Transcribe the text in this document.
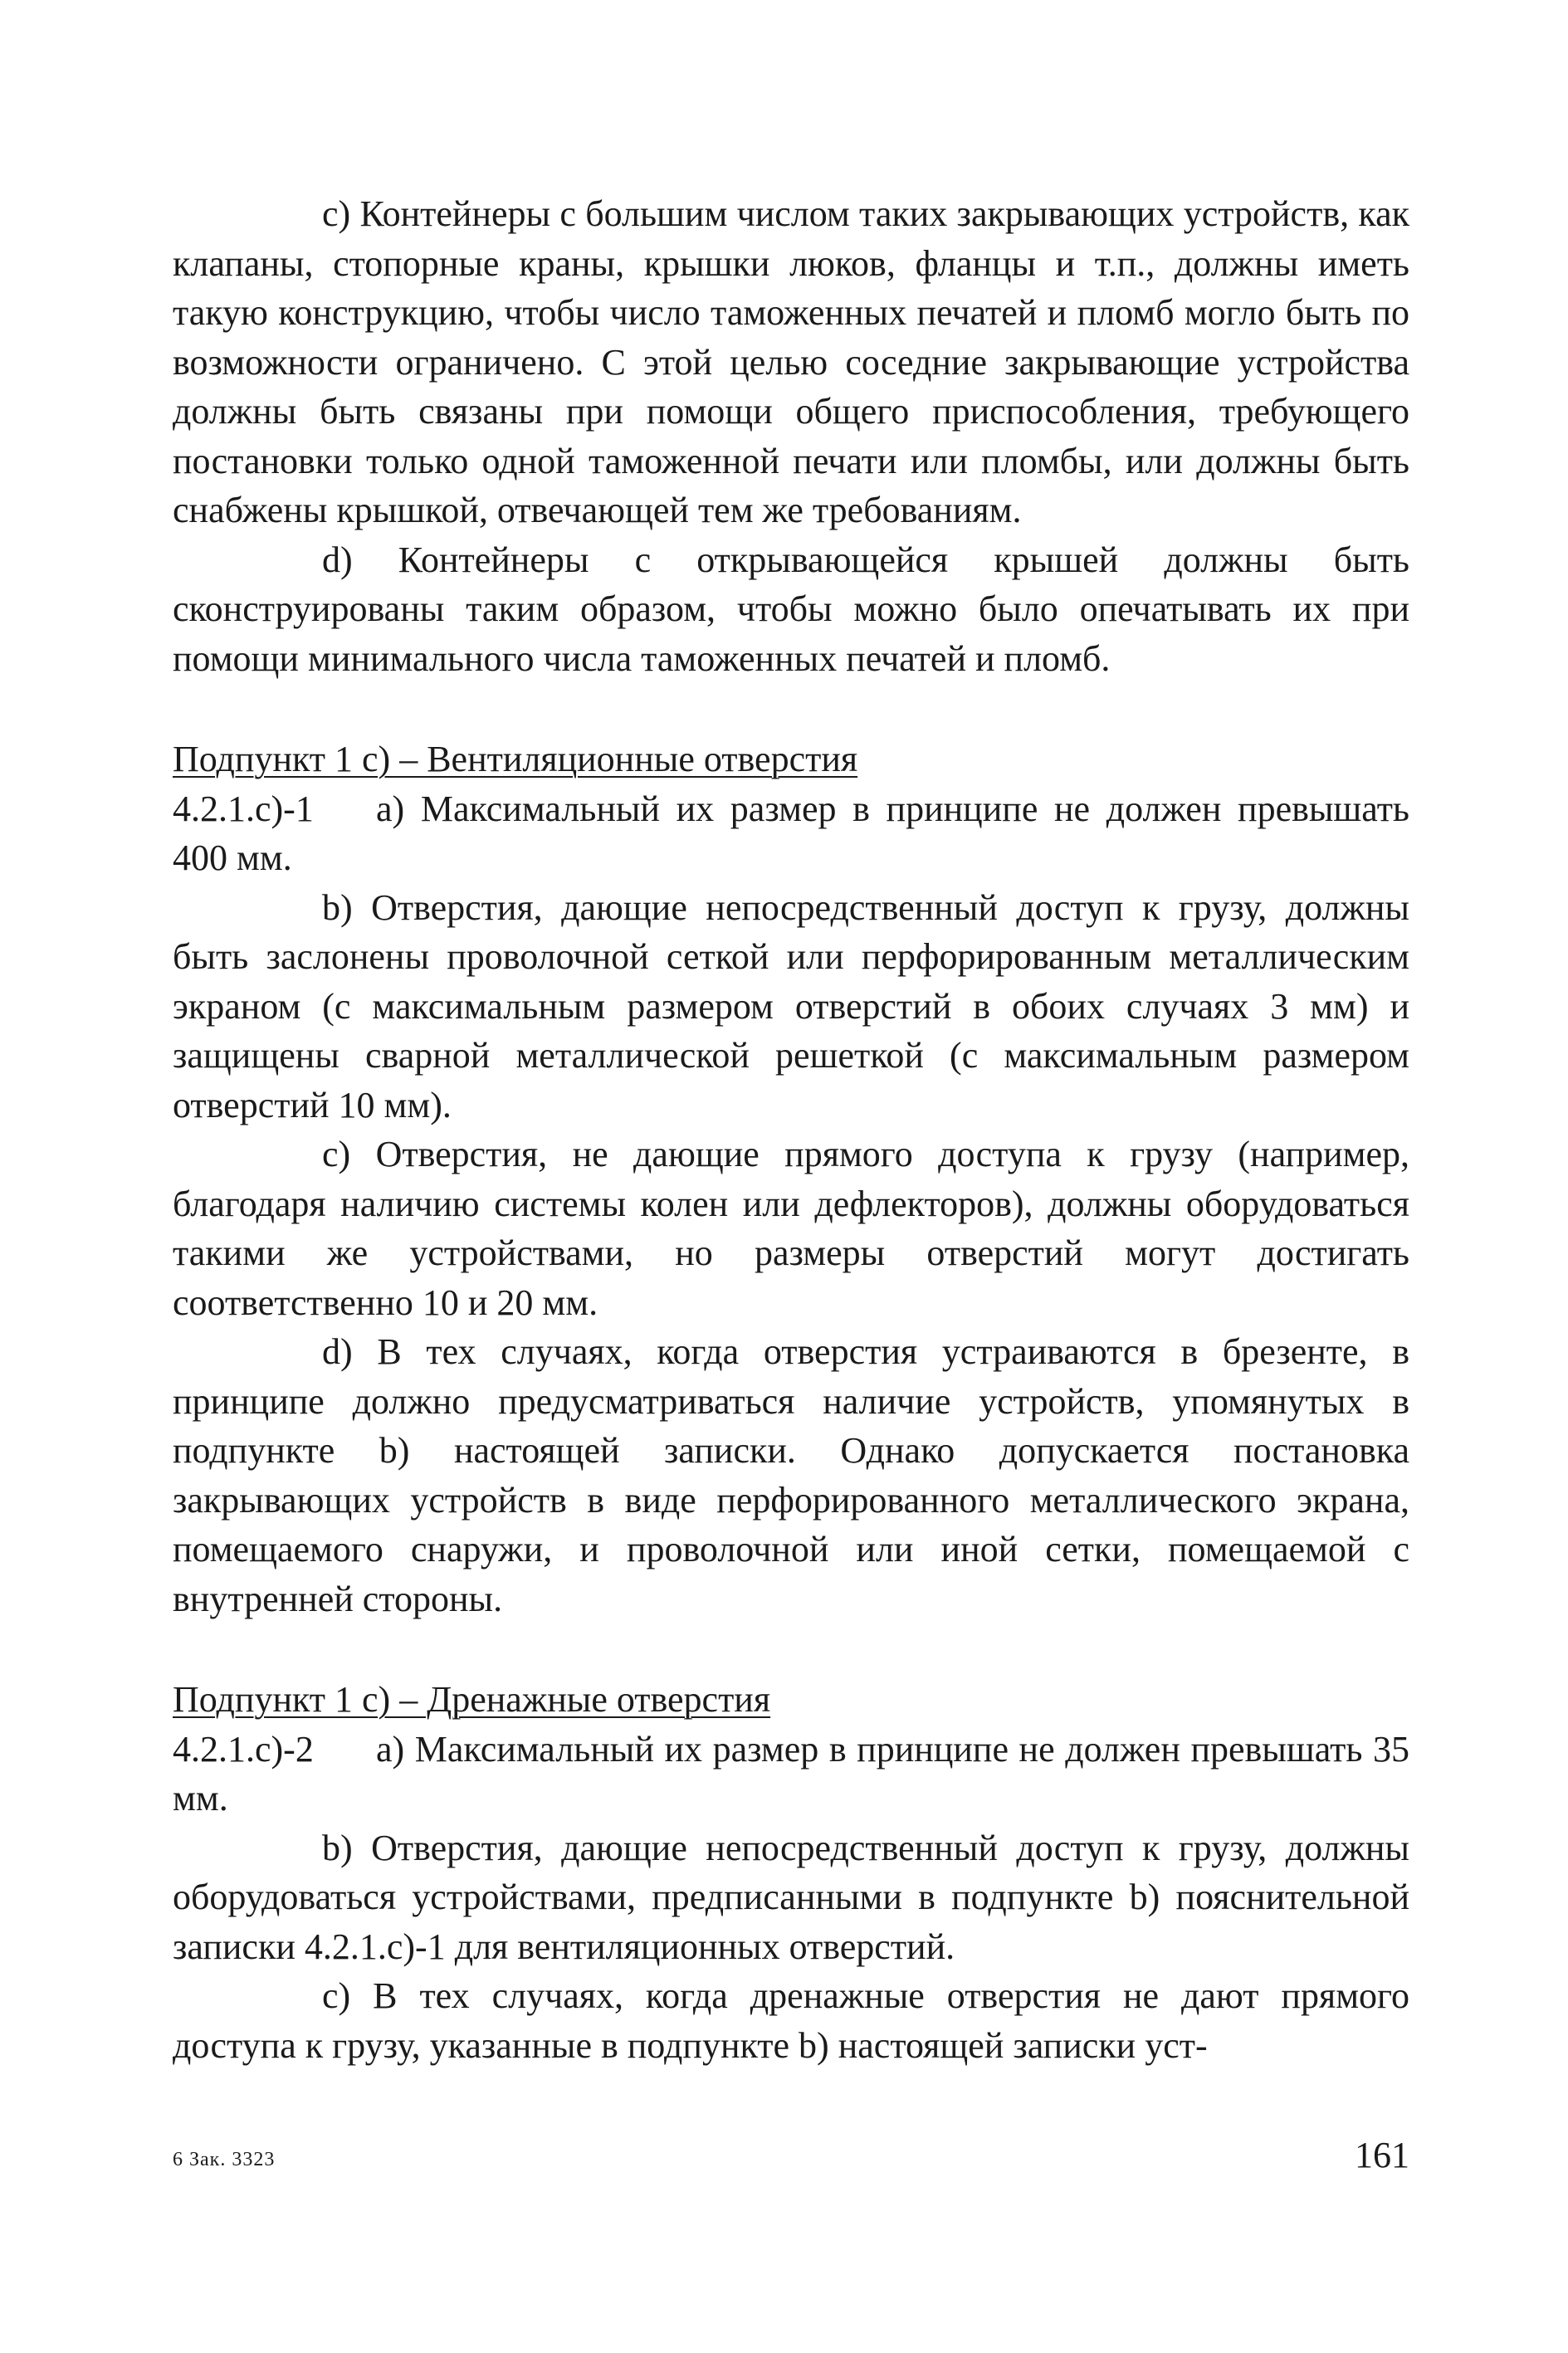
c) Контейнеры с большим числом таких закрывающих устройств, как клапаны, стопорные краны, крышки люков, фланцы и т.п., должны иметь такую конструкцию, чтобы число таможенных печатей и пломб могло быть по возможности ограничено. С этой целью соседние закрывающие устройства должны быть связаны при помощи общего приспособления, требующего постановки только одной таможенной печати или пломбы, или должны быть снабжены крышкой, отвечающей тем же требованиям.

d) Контейнеры с открывающейся крышей должны быть сконструированы таким образом, чтобы можно было опечатывать их при помощи минимального числа таможенных печатей и пломб.

Подпункт 1 с) – Вентиляционные отверстия

4.2.1.c)-1 a) Максимальный их размер в принципе не должен превышать 400 мм.

b) Отверстия, дающие непосредственный доступ к грузу, должны быть заслонены проволочной сеткой или перфорированным металлическим экраном (с максимальным размером отверстий в обоих случаях 3 мм) и защищены сварной металлической решеткой (с максимальным размером отверстий 10 мм).

c) Отверстия, не дающие прямого доступа к грузу (например, благодаря наличию системы колен или дефлекторов), должны оборудоваться такими же устройствами, но размеры отверстий могут достигать соответственно 10 и 20 мм.

d) В тех случаях, когда отверстия устраиваются в брезенте, в принципе должно предусматриваться наличие устройств, упомянутых в подпункте b) настоящей записки. Однако допускается постановка закрывающих устройств в виде перфорированного металлического экрана, помещаемого снаружи, и проволочной или иной сетки, помещаемой с внутренней стороны.

Подпункт 1 с) – Дренажные отверстия

4.2.1.c)-2 a) Максимальный их размер в принципе не должен превышать 35 мм.

b) Отверстия, дающие непосредственный доступ к грузу, должны оборудоваться устройствами, предписанными в подпункте b) пояснительной записки 4.2.1.c)-1 для вентиляционных отверстий.

c) В тех случаях, когда дренажные отверстия не дают прямого доступа к грузу, указанные в подпункте b) настоящей записки уст-

6 Зак. 3323	161
